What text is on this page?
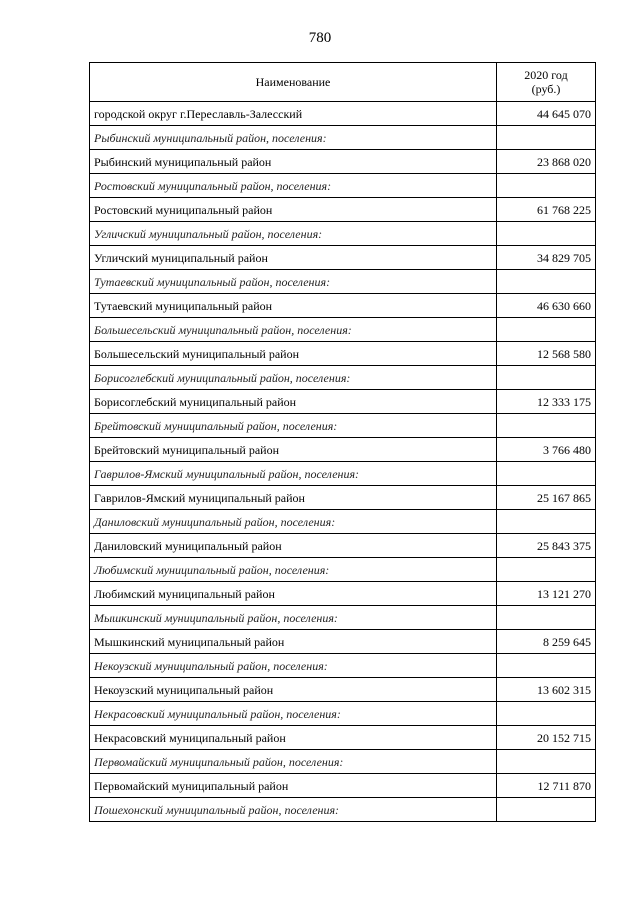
780
Наименование	2020 год
(руб.)

городской округ г.Переславль-Залесский	44 645 070
Рыбинский муниципальный район, поселения:	
Рыбинский муниципальный район	23 868 020
Ростовский муниципальный район, поселения:	
Ростовский муниципальный район	61 768 225
Угличский муниципальный район, поселения:	
Угличский муниципальный район	34 829 705
Тутаевский муниципальный район, поселения:	
Тутаевский муниципальный район	46 630 660
Большесельский муниципальный район, поселения:	
Большесельский муниципальный район	12 568 580
Борисоглебский муниципальный район, поселения:	
Борисоглебский муниципальный район	12 333 175
Брейтовский муниципальный район, поселения:	
Брейтовский муниципальный район	3 766 480
Гаврилов-Ямский муниципальный район, поселения:	
Гаврилов-Ямский муниципальный район	25 167 865
Даниловский муниципальный район, поселения:	
Даниловский муниципальный район	25 843 375
Любимский муниципальный район, поселения:	
Любимский муниципальный район	13 121 270
Мышкинский муниципальный район, поселения:	
Мышкинский муниципальный район	8 259 645
Некоузский муниципальный район, поселения:	
Некоузский муниципальный район	13 602 315
Некрасовский муниципальный район, поселения:	
Некрасовский муниципальный район	20 152 715
Первомайский муниципальный район, поселения:	
Первомайский муниципальный район	12 711 870
Пошехонский муниципальный район, поселения:	
